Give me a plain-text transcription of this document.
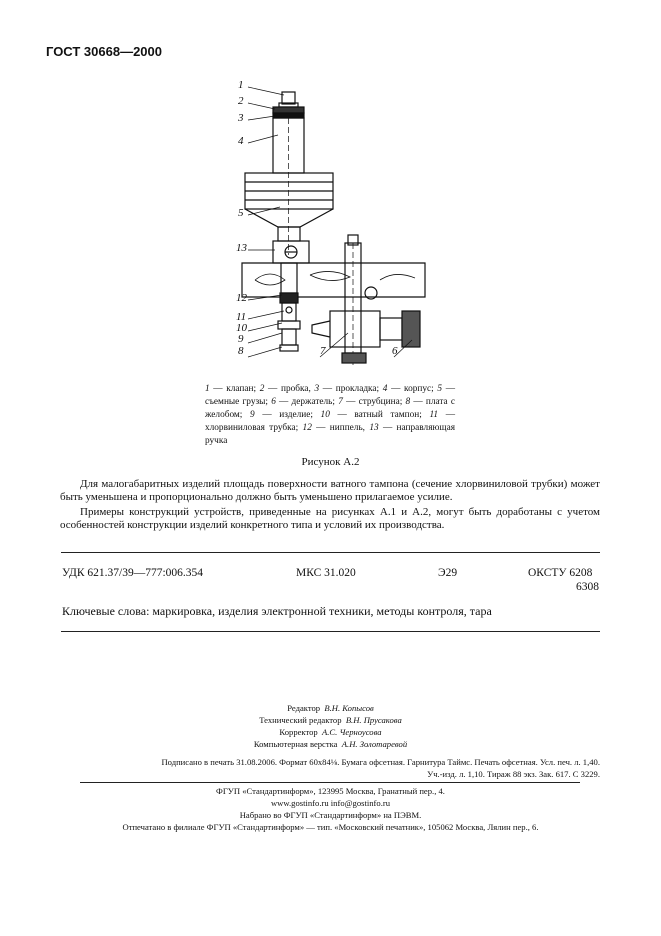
ГОСТ 30668—2000
1
2
3
4
5
13
12
11
10
9
8	7	6
1 — клапан; 2 — пробка, 3 — прокладка; 4 — корпус; 5 — съемные грузы; 6 — держатель; 7 — струбцина; 8 — плата с желобом; 9 — изделие; 10 — ватный тампон; 11 — хлорвиниловая трубка; 12 — ниппель, 13 — направляющая ручка
Рисунок А.2
Для малогабаритных изделий площадь поверхности ватного тампона (сечение хлорвиниловой трубки) может быть уменьшена и пропорционально должно быть уменьшено прилагаемое усилие.
Примеры конструкций устройств, приведенные на рисунках А.1 и А.2, могут быть доработаны с учетом особенностей конструкции изделий конкретного типа и условий их производства.
УДК 621.37/39—777:006.354	МКС 31.020	Э29	ОКСТУ 6208
6308
Ключевые слова: маркировка, изделия электронной техники, методы контроля, тара
Редактор В.Н. Копысов
Технический редактор В.Н. Прусакова
Корректор А.С. Черноусова
Компьютерная верстка А.Н. Золотаревой
Подписано в печать 31.08.2006. Формат 60х84⅛. Бумага офсетная. Гарнитура Таймс. Печать офсетная. Усл. печ. л. 1,40.
Уч.-изд. л. 1,10. Тираж 88 экз. Зак. 617. С 3229.
ФГУП «Стандартинформ», 123995 Москва, Гранатный пер., 4.
www.gostinfo.ru info@gostinfo.ru
Набрано во ФГУП «Стандартинформ» на ПЭВМ.
Отпечатано в филиале ФГУП «Стандартинформ» — тип. «Московский печатник», 105062 Москва, Лялин пер., 6.
